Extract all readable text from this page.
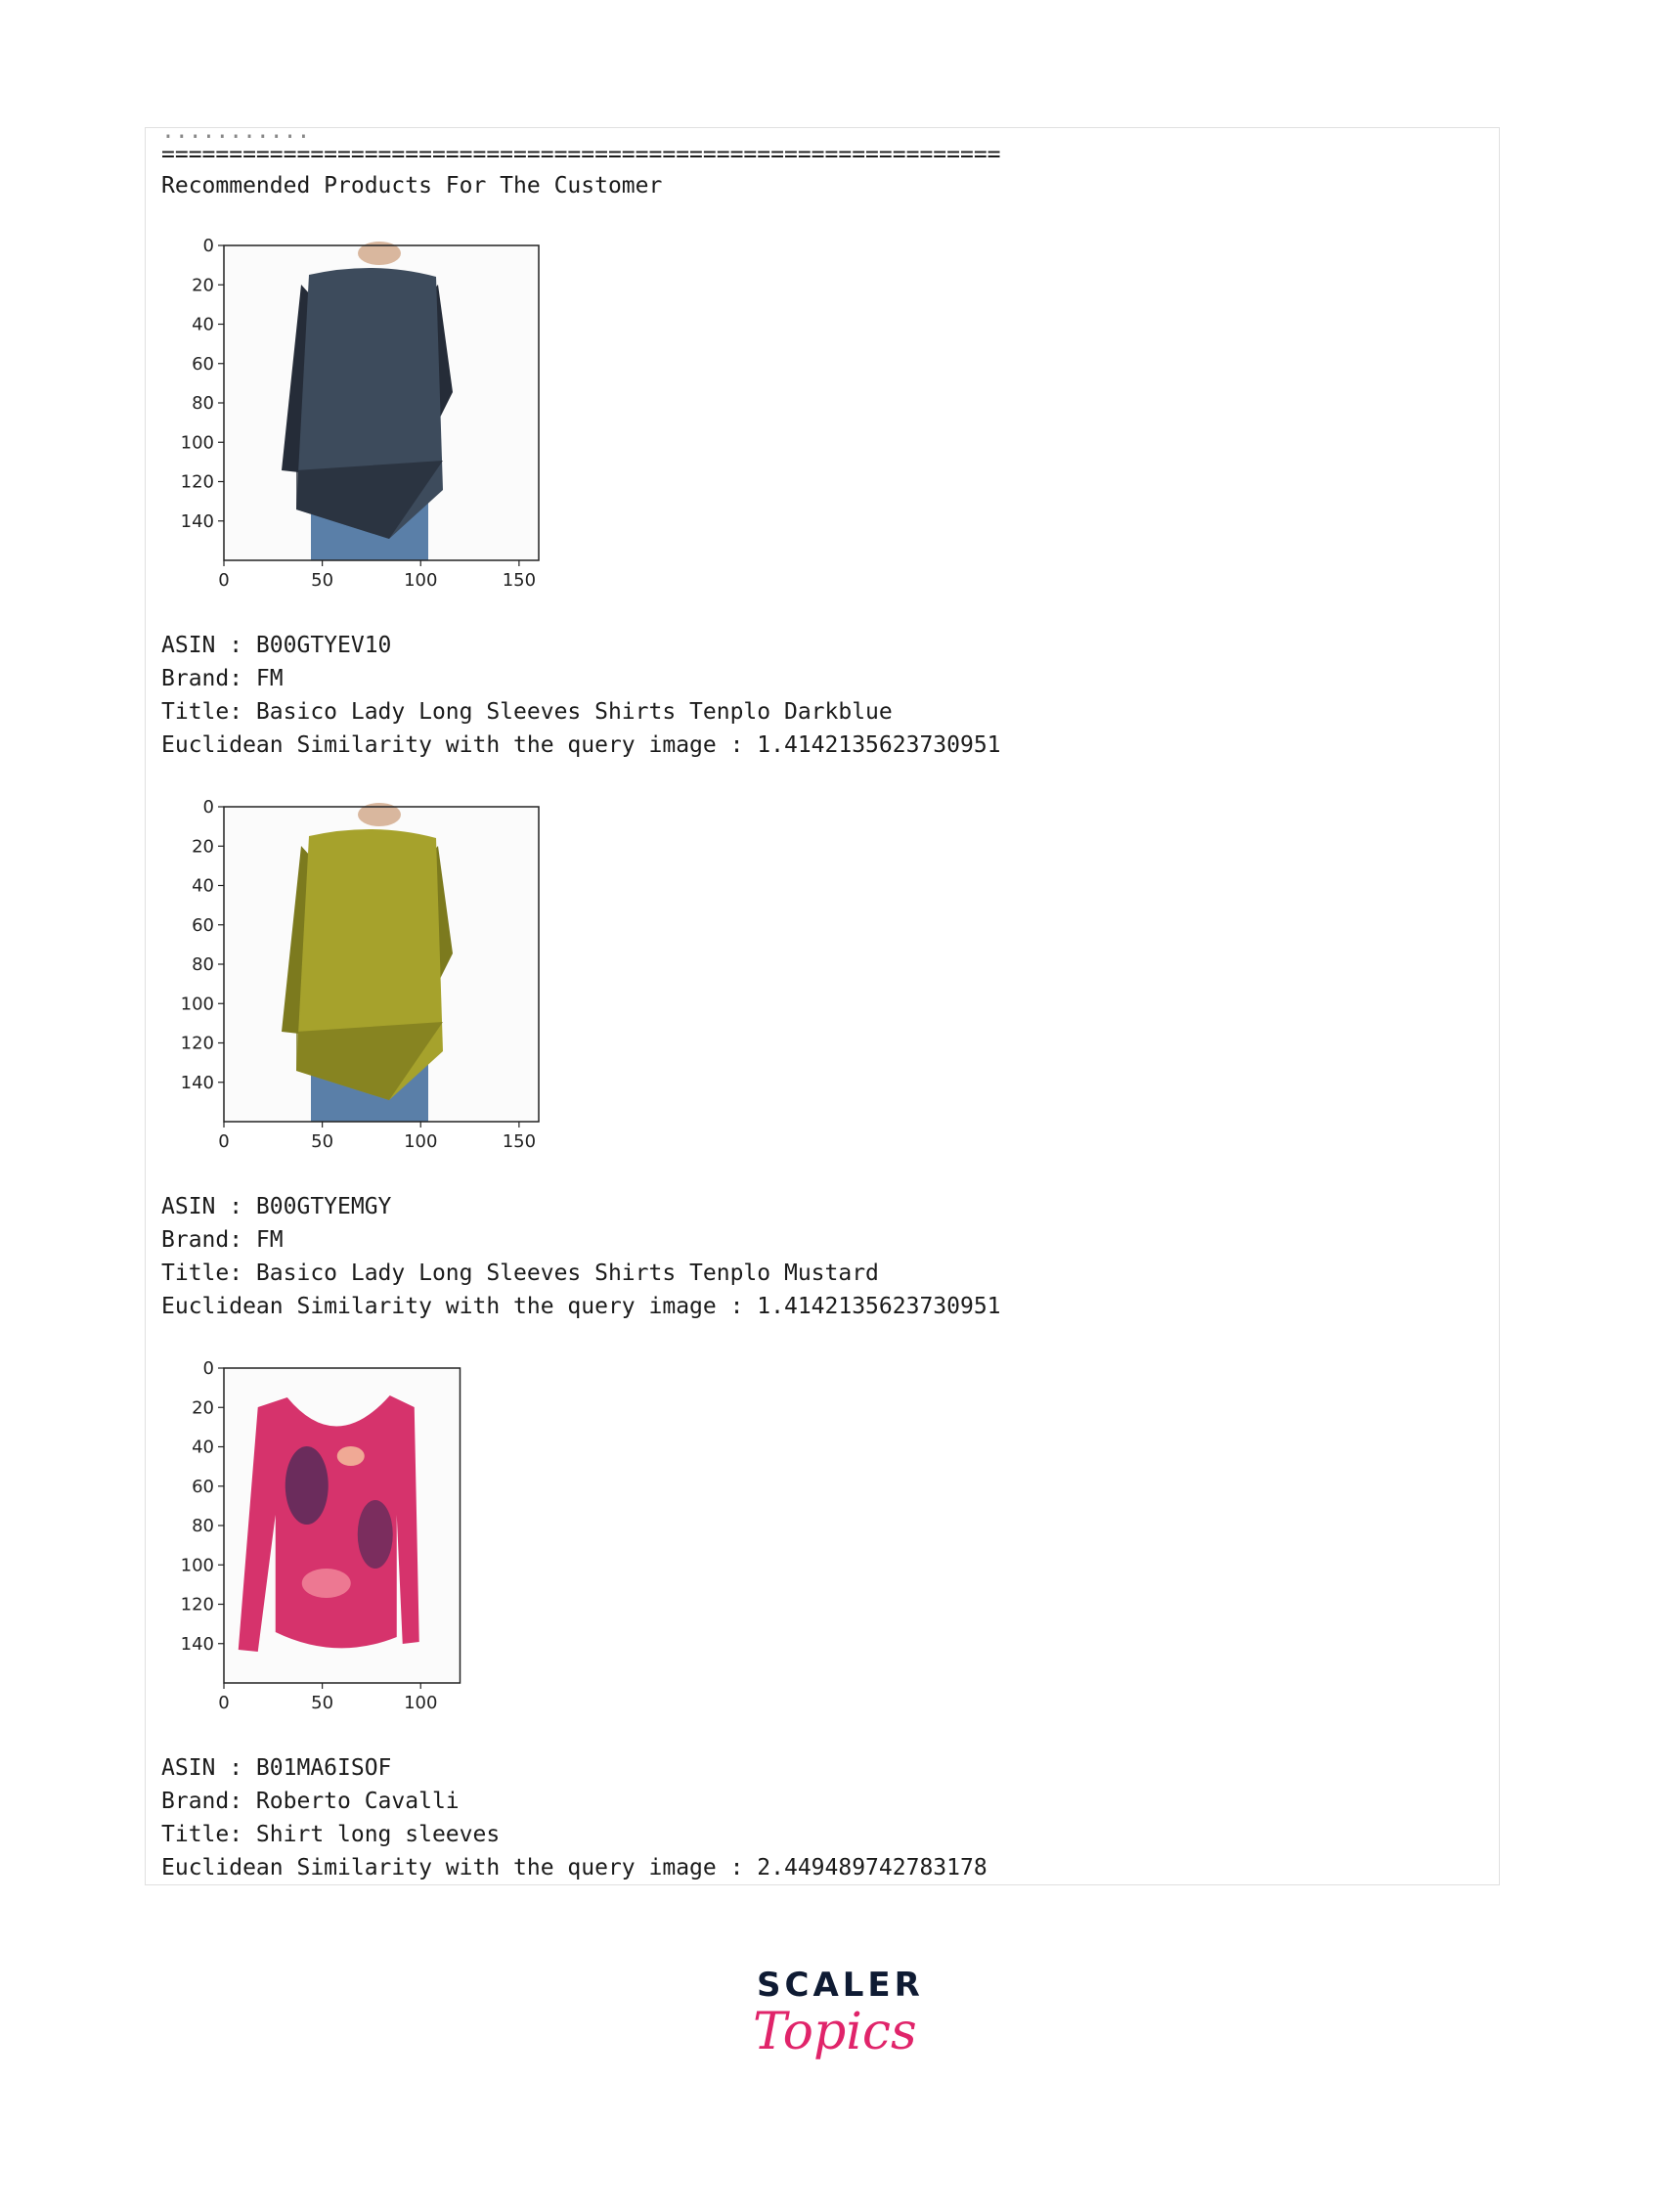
...........
==============================================================
Recommended Products For The Customer
0
20
40
60
80
100
120
140
0	50	100	150
ASIN : B00GTYEV10
Brand: FM
Title: Basico Lady Long Sleeves Shirts Tenplo Darkblue
Euclidean Similarity with the query image : 1.4142135623730951
0
20
40
60
80
100
120
140
0	50	100	150
ASIN : B00GTYEMGY
Brand: FM
Title: Basico Lady Long Sleeves Shirts Tenplo Mustard
Euclidean Similarity with the query image : 1.4142135623730951
0
20
40
60
80
100
120
140
0	50	100
ASIN : B01MA6ISOF
Brand: Roberto Cavalli
Title: Shirt long sleeves
Euclidean Similarity with the query image : 2.449489742783178
SCALER
Topics
